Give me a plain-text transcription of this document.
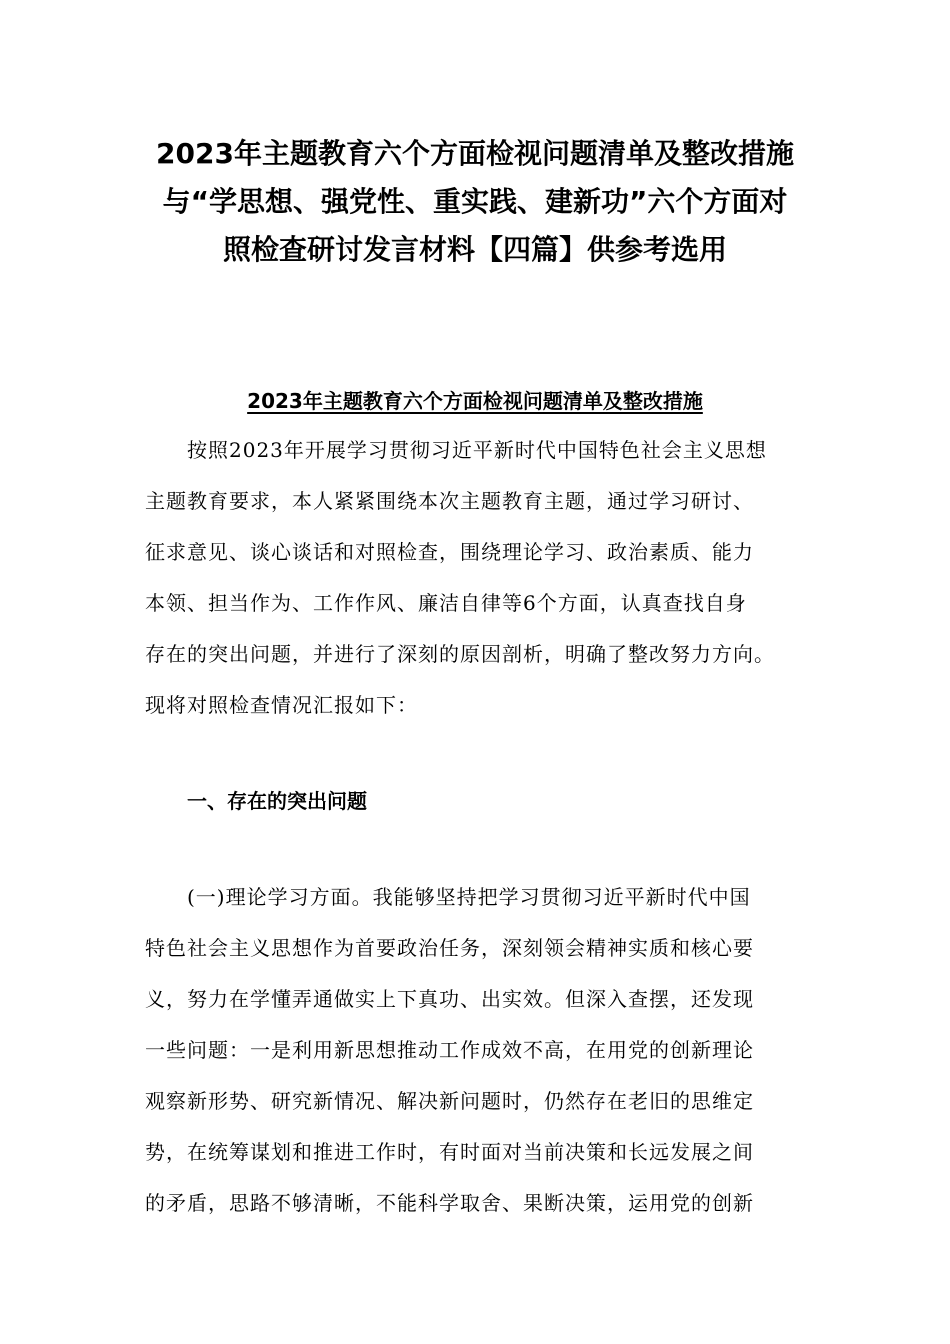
2023年主题教育六个方面检视问题清单及整改措施
与“学思想、强党性、重实践、建新功”六个方面对
照检查研讨发言材料【四篇】供参考选用
2023年主题教育六个方面检视问题清单及整改措施

按照2023年开展学习贯彻习近平新时代中国特色社会主义思想
主题教育要求，本人紧紧围绕本次主题教育主题，通过学习研讨、
征求意见、谈心谈话和对照检查，围绕理论学习、政治素质、能力
本领、担当作为、工作作风、廉洁自律等6个方面，认真查找自身
存在的突出问题，并进行了深刻的原因剖析，明确了整改努力方向。
现将对照检查情况汇报如下：

一、存在的突出问题

(一)理论学习方面。我能够坚持把学习贯彻习近平新时代中国
特色社会主义思想作为首要政治任务，深刻领会精神实质和核心要
义，努力在学懂弄通做实上下真功、出实效。但深入查摆，还发现
一些问题：一是利用新思想推动工作成效不高，在用党的创新理论
观察新形势、研究新情况、解决新问题时，仍然存在老旧的思维定
势，在统筹谋划和推进工作时，有时面对当前决策和长远发展之间
的矛盾，思路不够清晰，不能科学取舍、果断决策，运用党的创新
